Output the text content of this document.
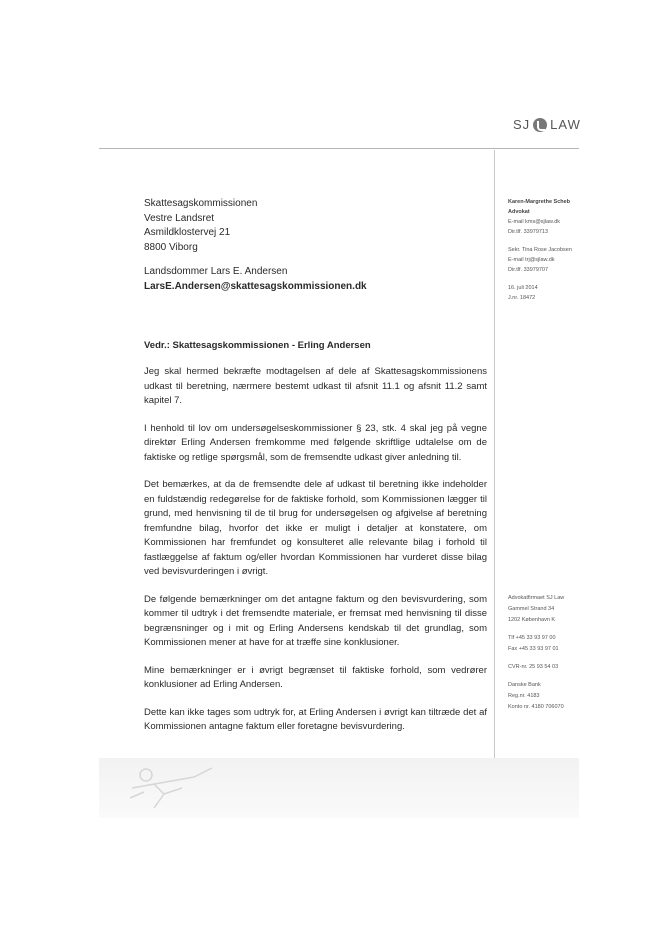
SJ LAW
Skattesagskommissionen
Vestre Landsret
Asmildklostervej 21
8800 Viborg
Landsdommer Lars E. Andersen
LarsE.Andersen@skattesagskommissionen.dk
Karen-Margrethe Scheb
Advokat
E-mail kms@sjlaw.dk
Dir.tlf. 33979713
Sekr. Tina Rose Jacobsen
E-mail trj@sjlaw.dk
Dir.tlf. 33979707
16. juli 2014
J.nr. 18472
Vedr.: Skattesagskommissionen - Erling Andersen

Jeg skal hermed bekræfte modtagelsen af dele af Skattesagskommissionens udkast til beretning, nærmere bestemt udkast til afsnit 11.1 og afsnit 11.2 samt kapitel 7.

I henhold til lov om undersøgelseskommissioner § 23, stk. 4 skal jeg på vegne direktør Erling Andersen fremkomme med følgende skriftlige udtalelse om de faktiske og retlige spørgsmål, som de fremsendte udkast giver anledning til.

Det bemærkes, at da de fremsendte dele af udkast til beretning ikke indeholder en fuldstændig redegørelse for de faktiske forhold, som Kommissionen lægger til grund, med henvisning til de til brug for undersøgelsen og afgivelse af beretning fremfundne bilag, hvorfor det ikke er muligt i detaljer at konstatere, om Kommissionen har fremfundet og konsulteret alle relevante bilag i forhold til fastlæggelse af faktum og/eller hvordan Kommissionen har vurderet disse bilag ved bevisvurderingen i øvrigt.

De følgende bemærkninger om det antagne faktum og den bevisvurdering, som kommer til udtryk i det fremsendte materiale, er fremsat med henvisning til disse begrænsninger og i mit og Erling Andersens kendskab til det grundlag, som Kommissionen mener at have for at træffe sine konklusioner.

Mine bemærkninger er i øvrigt begrænset til faktiske forhold, som vedrører konklusioner ad Erling Andersen.

Dette kan ikke tages som udtryk for, at Erling Andersen i øvrigt kan tiltræde det af Kommissionen antagne faktum eller foretagne bevisvurdering.

Advokatfirmaet SJ Law
Gammel Strand 34
1202 København K
Tlf +45 33 93 97 00
Fax +45 33 93 97 01
CVR-nr. 25 93 54 03
Danske Bank
Reg.nr. 4183
Konto nr. 4180 706070
